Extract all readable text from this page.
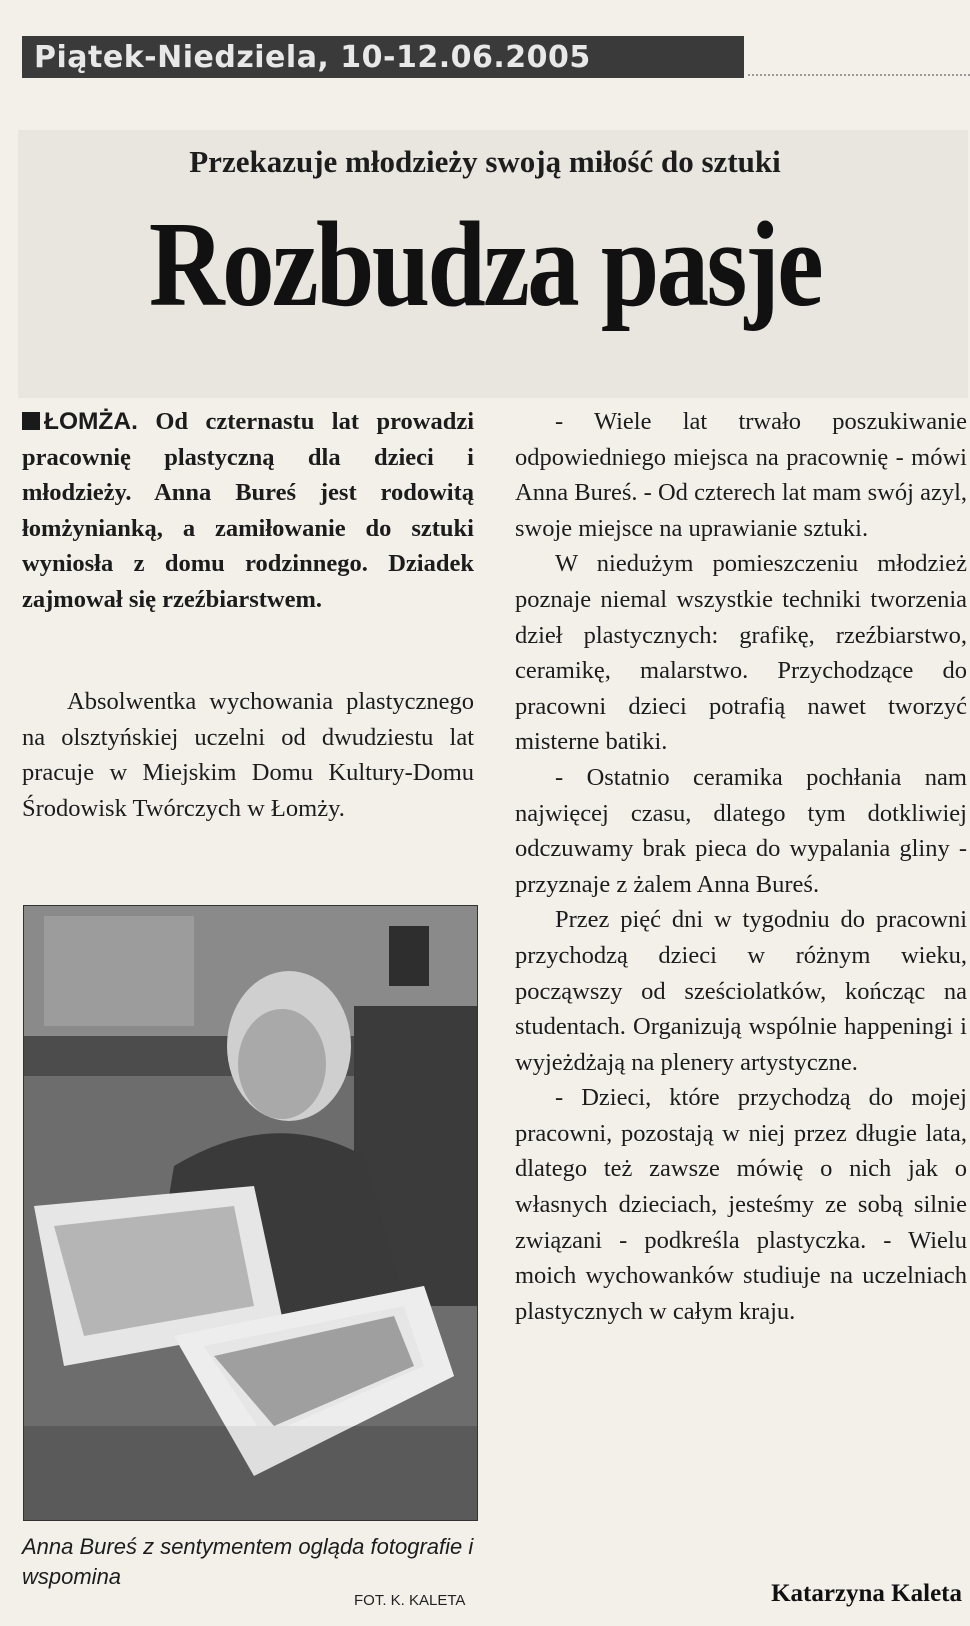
Piątek-Niedziela, 10-12.06.2005
Przekazuje młodzieży swoją miłość do sztuki
Rozbudza pasje
ŁOMŻA. Od czternastu lat prowadzi pracownię plastyczną dla dzieci i młodzieży. Anna Bureś jest rodowitą łomżynianką, a zamiłowanie do sztuki wyniosła z domu rodzinnego. Dziadek zajmował się rzeźbiarstwem.
Absolwentka wychowania plastycznego na olsztyńskiej uczelni od dwudziestu lat pracuje w Miejskim Domu Kultury-Domu Środowisk Twórczych w Łomży.
Anna Bureś z sentymentem ogląda fotografie i wspomina
FOT. K. KALETA

- Wiele lat trwało poszukiwanie odpowiedniego miejsca na pracownię - mówi Anna Bureś. - Od czterech lat mam swój azyl, swoje miejsce na uprawianie sztuki.

W niedużym pomieszczeniu młodzież poznaje niemal wszystkie techniki tworzenia dzieł plastycznych: grafikę, rzeźbiarstwo, ceramikę, malarstwo. Przychodzące do pracowni dzieci potrafią nawet tworzyć misterne batiki.

- Ostatnio ceramika pochłania nam najwięcej czasu, dlatego tym dotkliwiej odczuwamy brak pieca do wypalania gliny - przyznaje z żalem Anna Bureś.

Przez pięć dni w tygodniu do pracowni przychodzą dzieci w różnym wieku, począwszy od sześciolatków, kończąc na studentach. Organizują wspólnie happeningi i wyjeżdżają na plenery artystyczne.

- Dzieci, które przychodzą do mojej pracowni, pozostają w niej przez długie lata, dlatego też zawsze mówię o nich jak o własnych dzieciach, jesteśmy ze sobą silnie związani - podkreśla plastyczka. - Wielu moich wychowanków studiuje na uczelniach plastycznych w całym kraju.

Katarzyna Kaleta
